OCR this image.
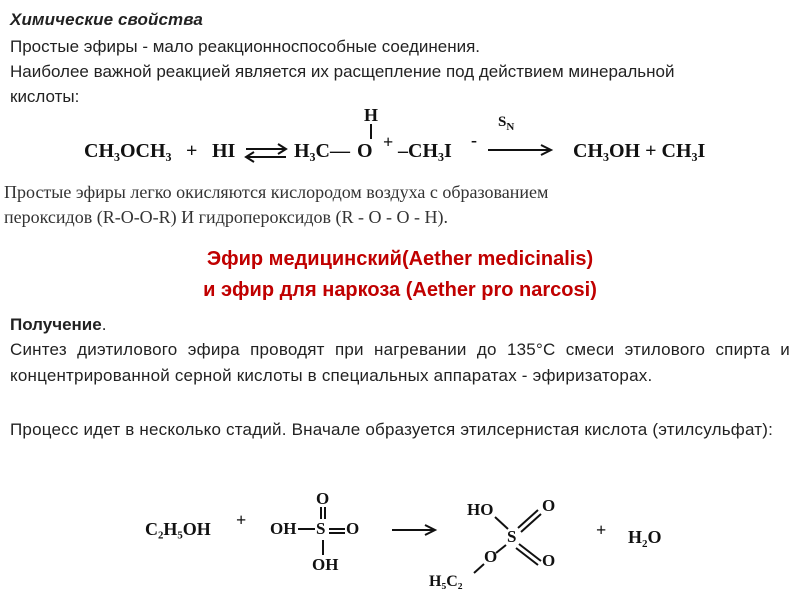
Химические свойства
Простые эфиры - мало реакционноспособные соединения.
Наиболее важной реакцией является их расщепление под действием минеральной
кислоты:
CH₃OCH₃ + HI	H₃C— O
H
+ –CH₃I -
$S_N$
CH₃OH + CH₃I
Простые эфиры легко окисляются кислородом воздуха с образованием
пероксидов (R-O-O-R) И гидропероксидов (R - O - O - H).
Эфир медицинский(Aether medicinalis)
и эфир для наркоза (Aether pro narcosi)
Получение.
Синтез диэтилового эфира проводят при нагревании до 135°С смеси этилового спирта и концентрированной серной кислоты в специальных аппаратах - эфиризаторах.
Процесс идет в несколько стадий. Вначале образуется этилсернистая кислота (этилсульфат):
C₂H₅OH + OH S
O
O
OH
HO
S
O
O
O
H₅C₂
+ $H_2O$
